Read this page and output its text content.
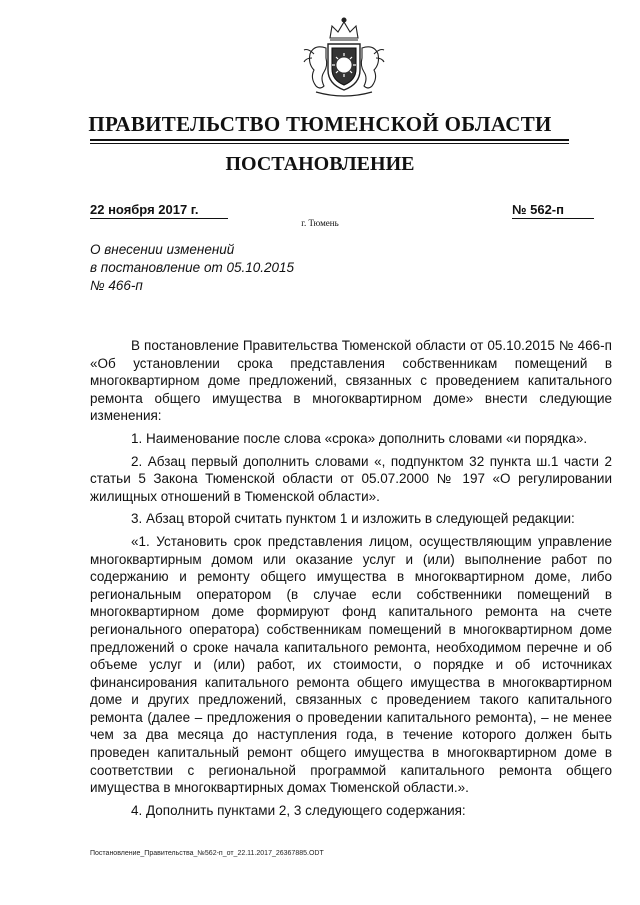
ПРАВИТЕЛЬСТВО ТЮМЕНСКОЙ ОБЛАСТИ
ПОСТАНОВЛЕНИЕ
22 ноября 2017 г.	№ 562-п
г. Тюмень
О внесении изменений
в постановление от 05.10.2015
№ 466-п

В постановление Правительства Тюменской области от 05.10.2015 № 466-п «Об установлении срока представления собственникам помещений в многоквартирном доме предложений, связанных с проведением капитального ремонта общего имущества в многоквартирном доме» внести следующие изменения:

1. Наименование после слова «срока» дополнить словами «и порядка».

2. Абзац первый дополнить словами «, подпунктом 32 пункта ш.1 части 2 статьи 5 Закона Тюменской области от 05.07.2000 № 197 «О регулировании жилищных отношений в Тюменской области».

3. Абзац второй считать пунктом 1 и изложить в следующей редакции:

«1. Установить срок представления лицом, осуществляющим управление многоквартирным домом или оказание услуг и (или) выполнение работ по содержанию и ремонту общего имущества в многоквартирном доме, либо региональным оператором (в случае если собственники помещений в многоквартирном доме формируют фонд капитального ремонта на счете регионального оператора) собственникам помещений в многоквартирном доме предложений о сроке начала капитального ремонта, необходимом перечне и об объеме услуг и (или) работ, их стоимости, о порядке и об источниках финансирования капитального ремонта общего имущества в многоквартирном доме и других предложений, связанных с проведением такого капитального ремонта (далее – предложения о проведении капитального ремонта), – не менее чем за два месяца до наступления года, в течение которого должен быть проведен капитальный ремонт общего имущества в многоквартирном доме в соответствии с региональной программой капитального ремонта общего имущества в многоквартирных домах Тюменской области.».

4. Дополнить пунктами 2, 3 следующего содержания:

Постановление_Правительства_№562-п_от_22.11.2017_26367885.ODT
